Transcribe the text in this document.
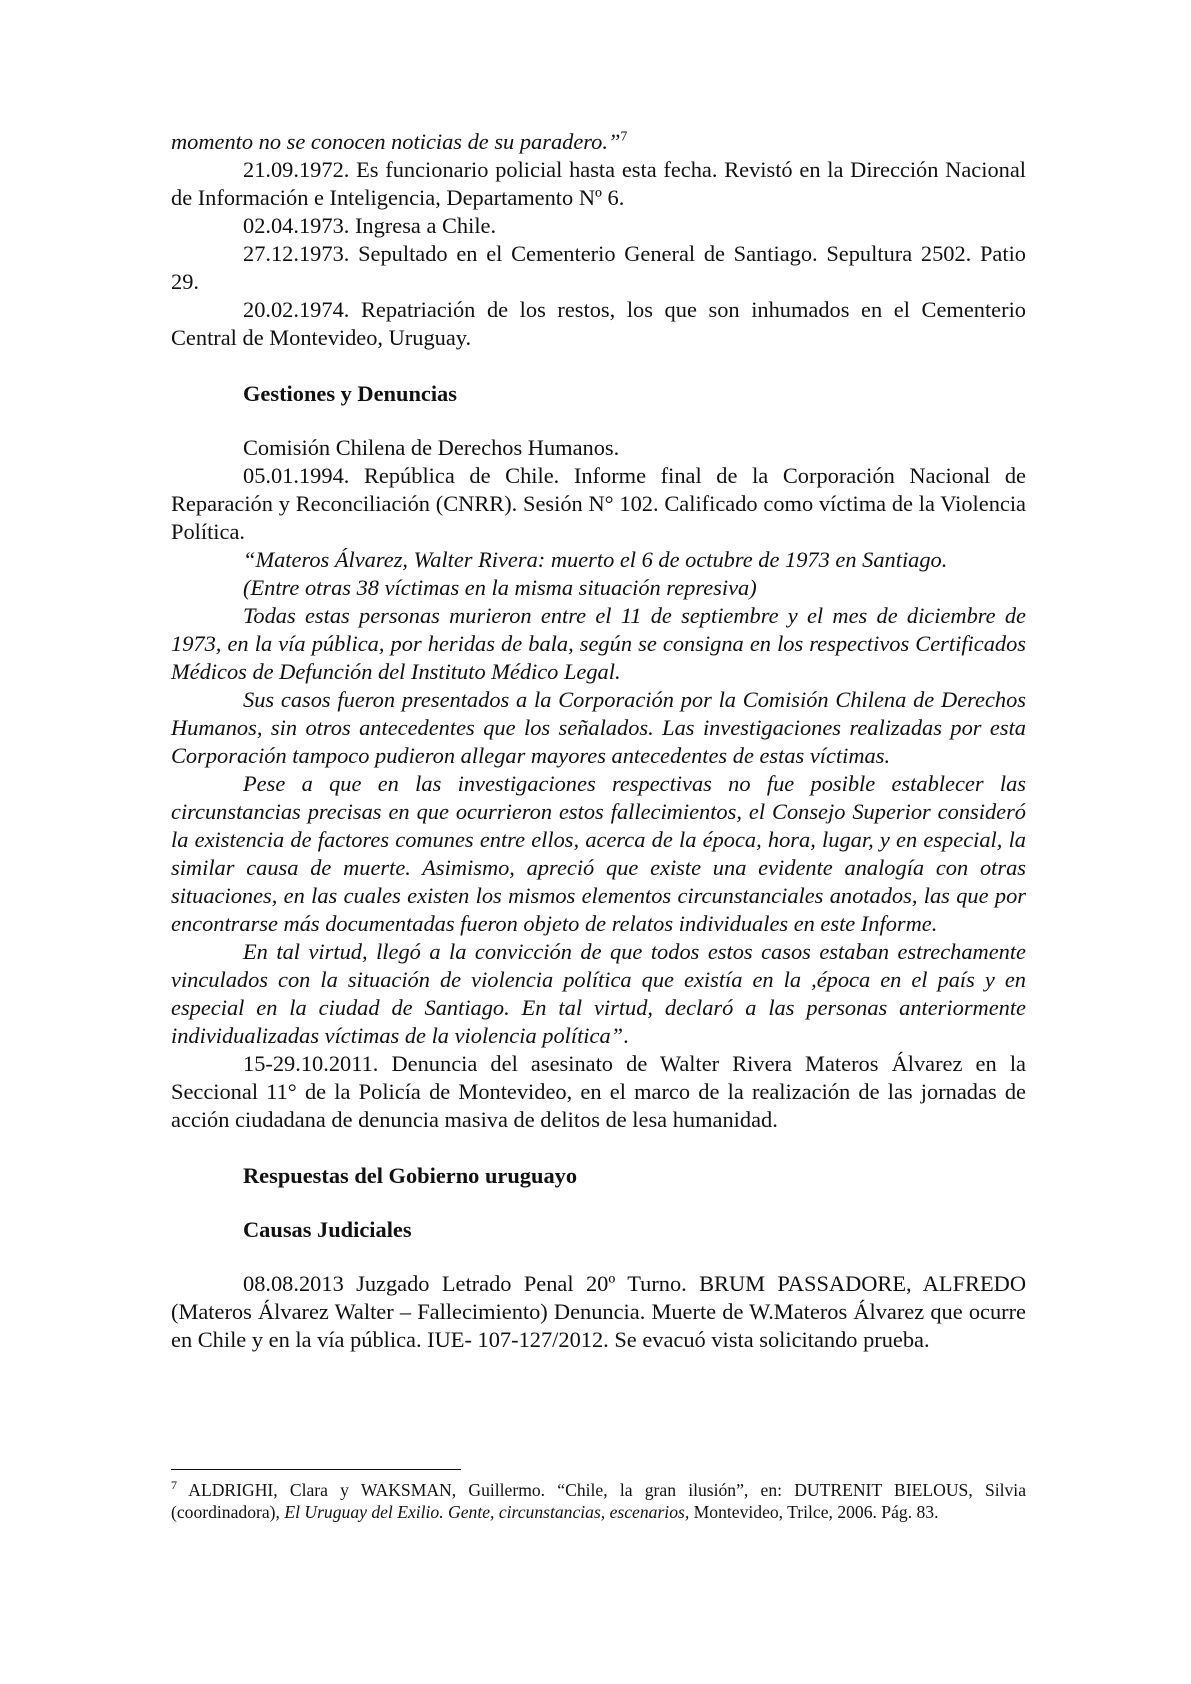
momento no se conocen noticias de su paradero.”$^7$

21.09.1972. Es funcionario policial hasta esta fecha. Revistó en la Dirección Nacional de Información e Inteligencia, Departamento Nº 6.

02.04.1973. Ingresa a Chile.

27.12.1973. Sepultado en el Cementerio General de Santiago. Sepultura 2502. Patio 29.

20.02.1974. Repatriación de los restos, los que son inhumados en el Cementerio Central de Montevideo, Uruguay.

Gestiones y Denuncias

Comisión Chilena de Derechos Humanos.

05.01.1994. República de Chile. Informe final de la Corporación Nacional de Reparación y Reconciliación (CNRR). Sesión N° 102. Calificado como víctima de la Violencia Política.

“Materos Álvarez, Walter Rivera: muerto el 6 de octubre de 1973 en Santiago.

(Entre otras 38 víctimas en la misma situación represiva)

Todas estas personas murieron entre el 11 de septiembre y el mes de diciembre de 1973, en la vía pública, por heridas de bala, según se consigna en los respectivos Certificados Médicos de Defunción del Instituto Médico Legal.

Sus casos fueron presentados a la Corporación por la Comisión Chilena de Derechos Humanos, sin otros antecedentes que los señalados. Las investigaciones realizadas por esta Corporación tampoco pudieron allegar mayores antecedentes de estas víctimas.

Pese a que en las investigaciones respectivas no fue posible establecer las circunstancias precisas en que ocurrieron estos fallecimientos, el Consejo Superior consideró la existencia de factores comunes entre ellos, acerca de la época, hora, lugar, y en especial, la similar causa de muerte. Asimismo, apreció que existe una evidente analogía con otras situaciones, en las cuales existen los mismos elementos circunstanciales anotados, las que por encontrarse más documentadas fueron objeto de relatos individuales en este Informe.

En tal virtud, llegó a la convicción de que todos estos casos estaban estrechamente vinculados con la situación de violencia política que existía en la ,época en el país y en especial en la ciudad de Santiago. En tal virtud, declaró a las personas anteriormente individualizadas víctimas de la violencia política”.

15-29.10.2011. Denuncia del asesinato de Walter Rivera Materos Álvarez en la Seccional 11° de la Policía de Montevideo, en el marco de la realización de las jornadas de acción ciudadana de denuncia masiva de delitos de lesa humanidad.

Respuestas del Gobierno uruguayo

Causas Judiciales

08.08.2013 Juzgado Letrado Penal 20º Turno. BRUM PASSADORE, ALFREDO (Materos Álvarez Walter – Fallecimiento) Denuncia. Muerte de W.Materos Álvarez que ocurre en Chile y en la vía pública. IUE- 107-127/2012. Se evacuó vista solicitando prueba.

$^7$ ALDRIGHI, Clara y WAKSMAN, Guillermo. “Chile, la gran ilusión”, en: DUTRENIT BIELOUS, Silvia (coordinadora), El Uruguay del Exilio. Gente, circunstancias, escenarios, Montevideo, Trilce, 2006. Pág. 83.
